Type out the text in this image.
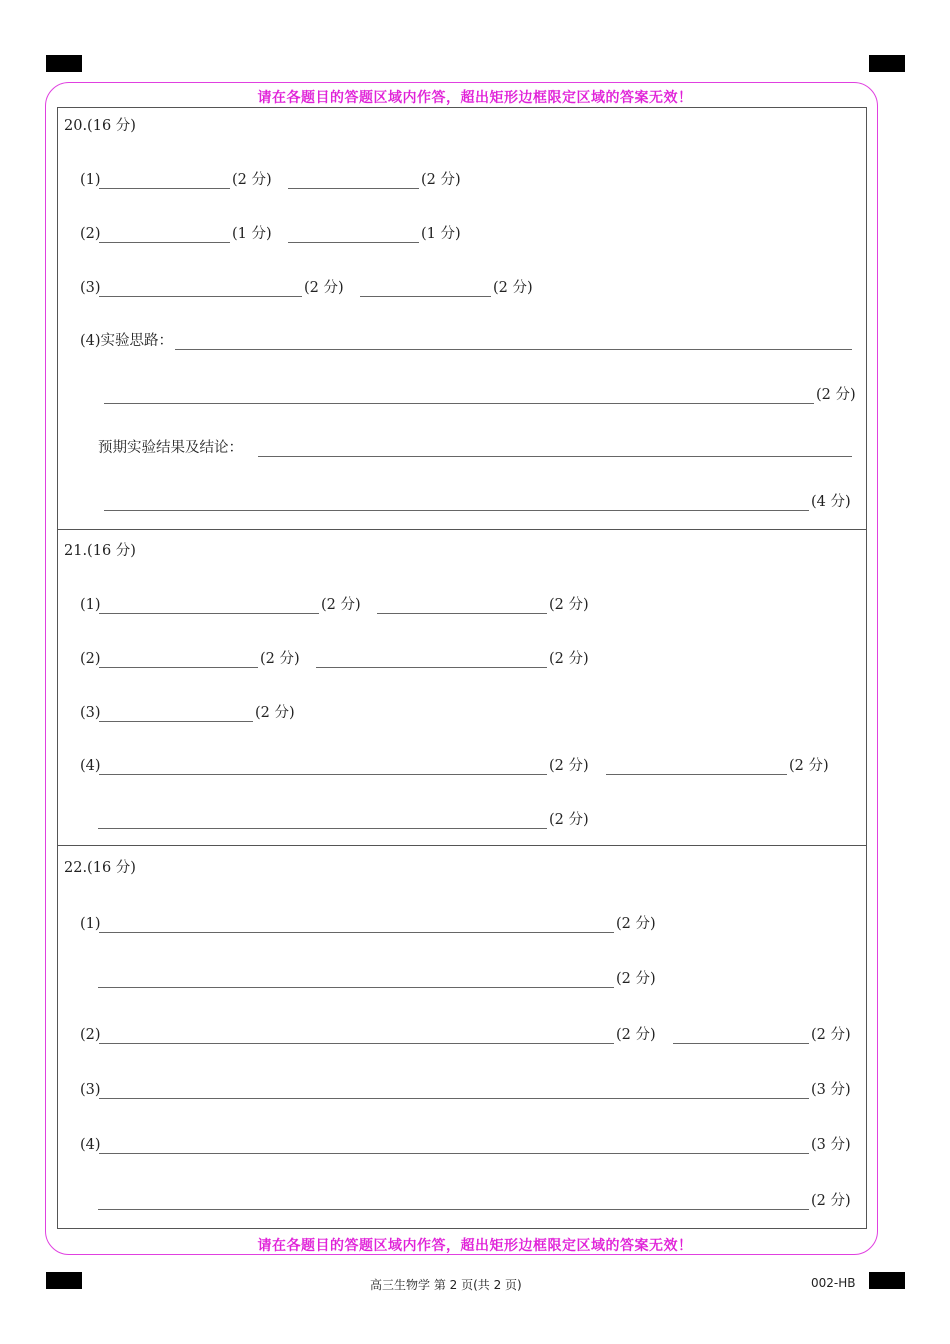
请在各题目的答题区域内作答，超出矩形边框限定区域的答案无效！
请在各题目的答题区域内作答，超出矩形边框限定区域的答案无效！
20.(16 分)
(1)	(2 分)	(2 分)
(2)	(1 分)	(1 分)
(3)	(2 分)	(2 分)
(4)实验思路：
(2 分)
预期实验结果及结论：
(4 分)
21.(16 分)
(1)	(2 分)	(2 分)
(2)	(2 分)	(2 分)
(3)	(2 分)
(4)	(2 分)	(2 分)
(2 分)
22.(16 分)
(1)	(2 分)
(2 分)
(2)	(2 分)	(2 分)
(3)	(3 分)
(4)	(3 分)
(2 分)
高三生物学 第 2 页(共 2 页)	002-HB
